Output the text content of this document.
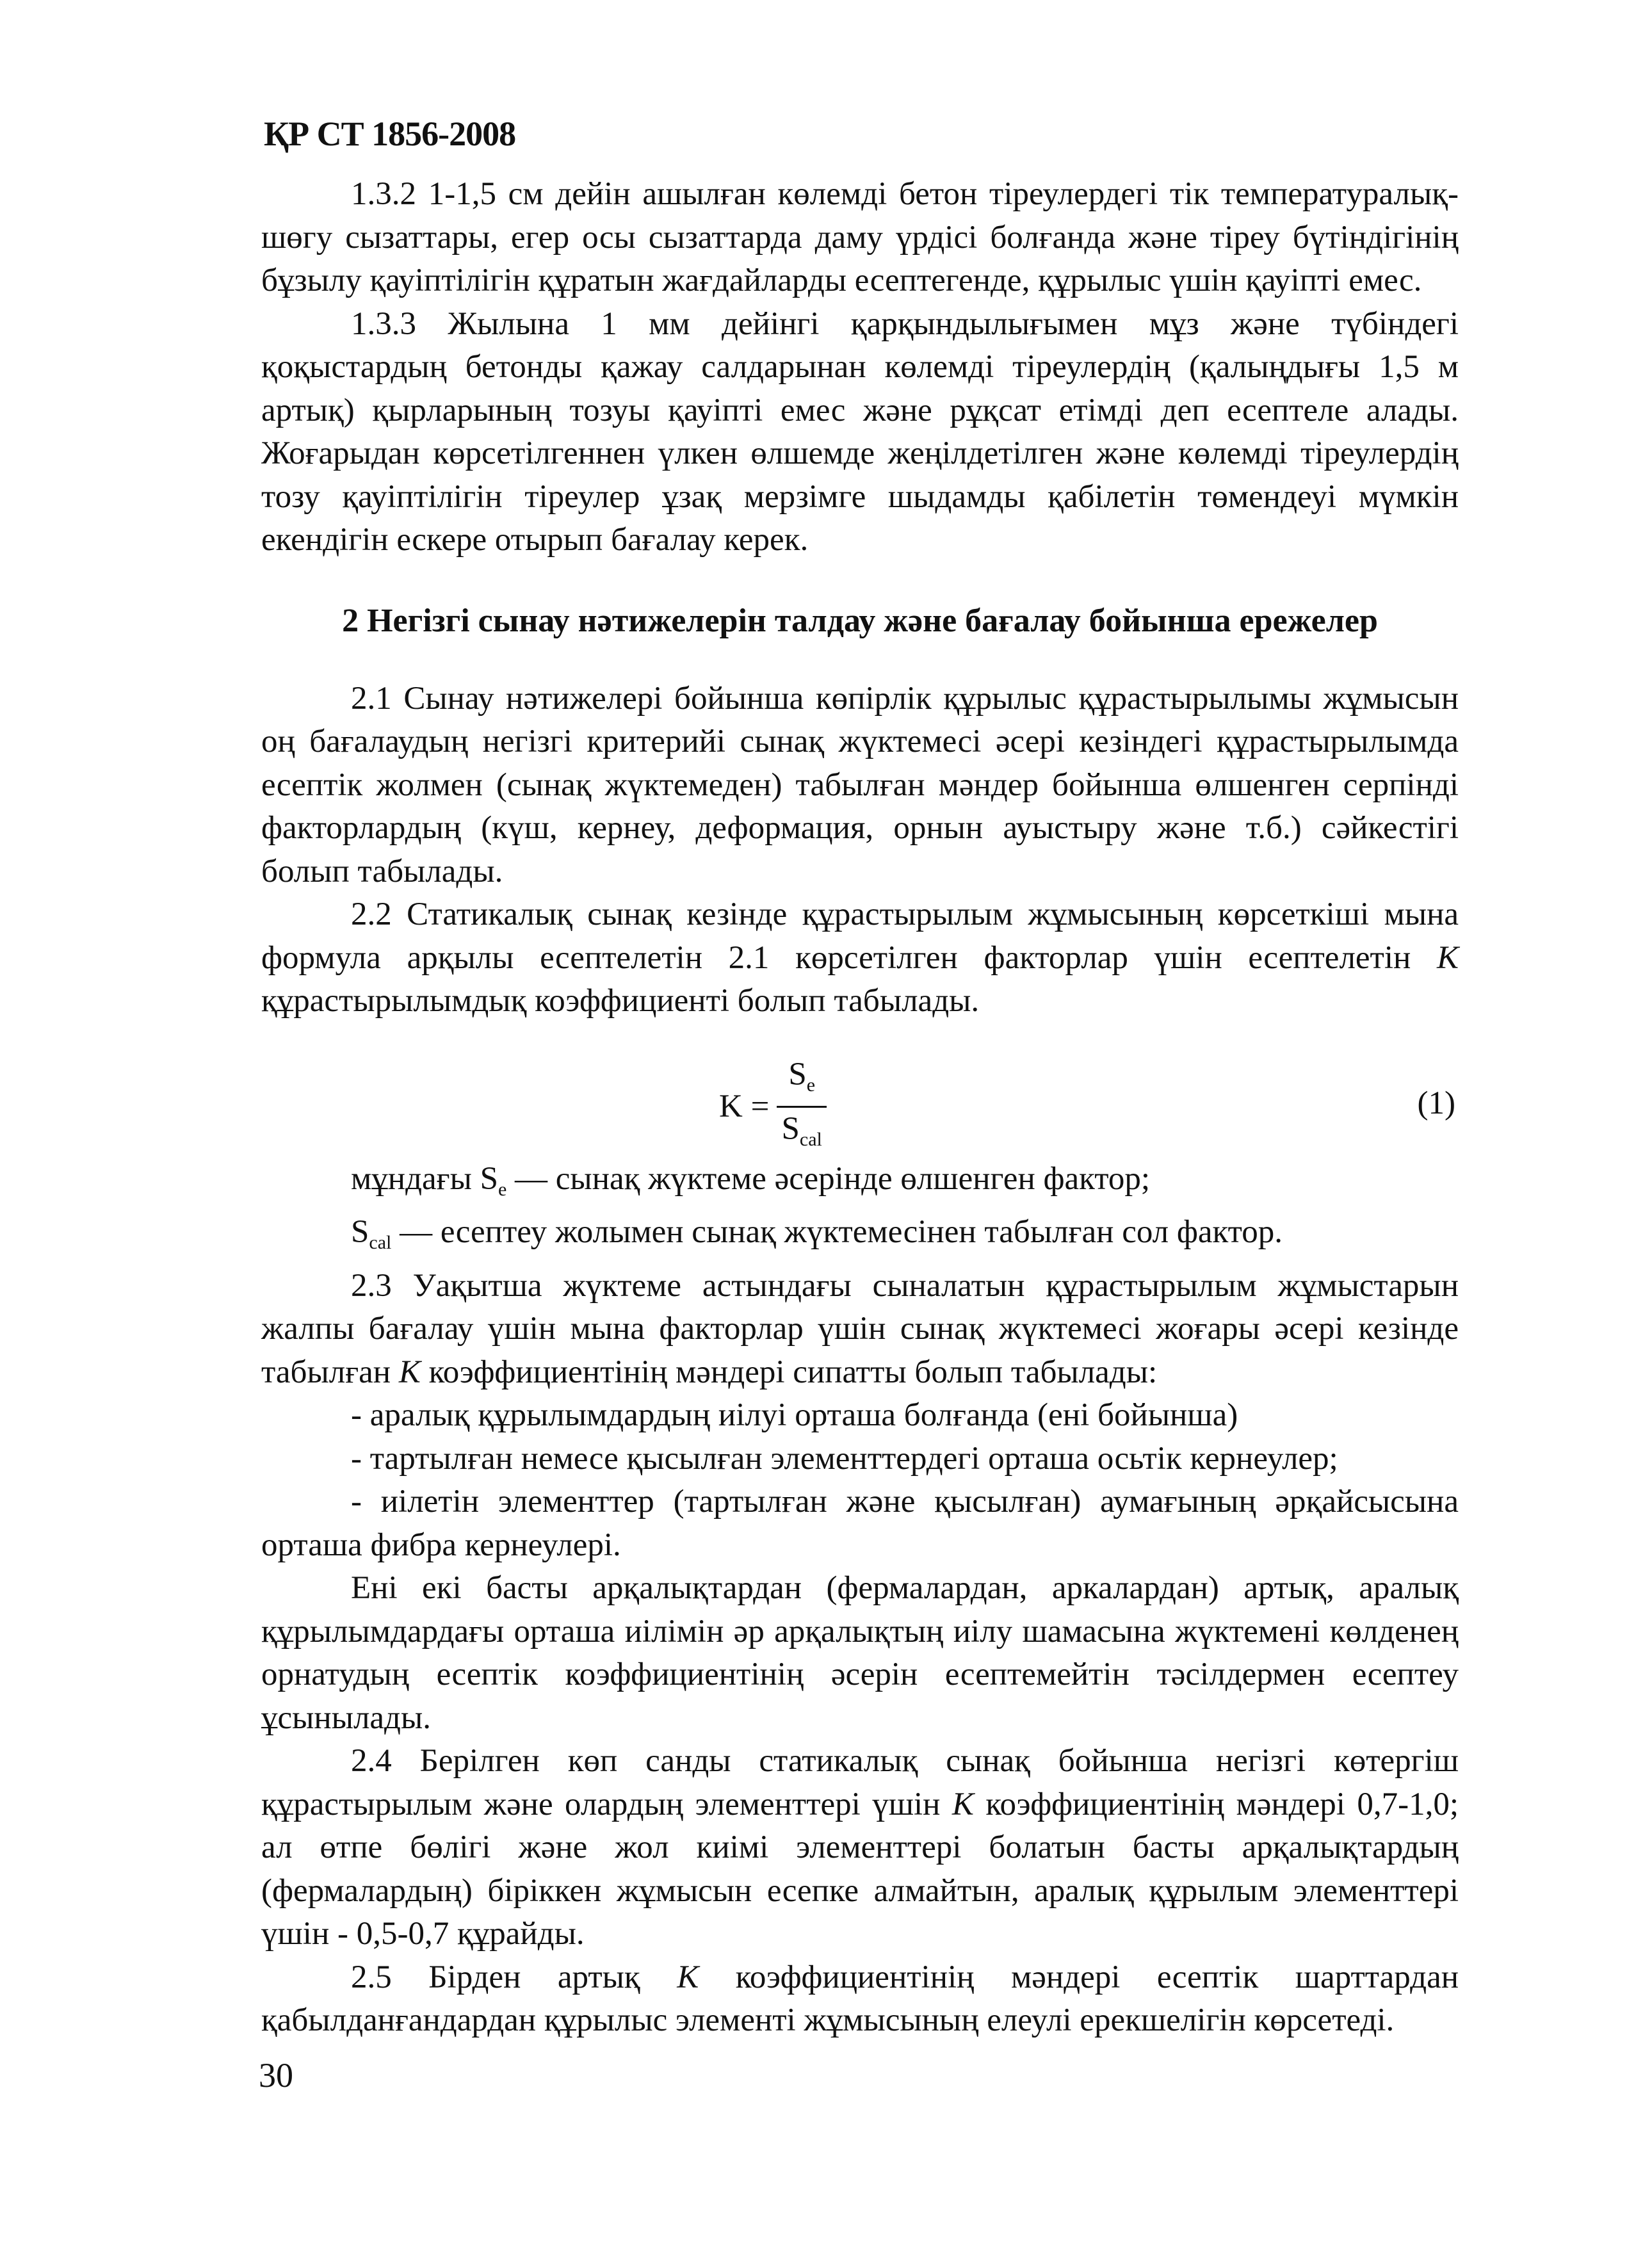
ҚР СТ 1856-2008

1.3.2 1-1,5 см дейін ашылған көлемді бетон тіреулердегі тік температуралық-шөгу сызаттары, егер осы сызаттарда даму үрдісі болғанда және тіреу бүтіндігінің бұзылу қауіптілігін құратын жағдайларды есептегенде, құрылыс үшін қауіпті емес.

1.3.3 Жылына 1 мм дейінгі қарқындылығымен мұз және түбіндегі қоқыстардың бетонды қажау салдарынан көлемді тіреулердің (қалыңдығы 1,5 м артық) қырларының тозуы қауіпті емес және рұқсат етімді деп есептеле алады. Жоғарыдан көрсетілгеннен үлкен өлшемде жеңілдетілген және көлемді тіреулердің тозу қауіптілігін тіреулер ұзақ мерзімге шыдамды қабілетін төмендеуі мүмкін екендігін ескере отырып бағалау керек.

2 Негізгі сынау нәтижелерін талдау және бағалау бойынша ережелер

2.1 Сынау нәтижелері бойынша көпірлік құрылыс құрастырылымы жұмысын оң бағалаудың негізгі критерийі сынақ жүктемесі әсері кезіндегі құрастырылымда есептік жолмен (сынақ жүктемеден) табылған мәндер бойынша өлшенген серпінді факторлардың (күш, кернеу, деформация, орнын ауыстыру және т.б.) сәйкестігі болып табылады.

2.2 Статикалық сынақ кезінде құрастырылым жұмысының көрсеткіші мына формула арқылы есептелетін 2.1 көрсетілген факторлар үшін есептелетін K құрастырылымдық коэффициенті болып табылады.

$K = \frac{S_e}{S_{cal}}$	(1)

мұндағы $S_e$ — сынақ жүктеме әсерінде өлшенген фактор;

$S_{cal}$ — есептеу жолымен сынақ жүктемесінен табылған сол фактор.

2.3 Уақытша жүктеме астындағы сыналатын құрастырылым жұмыстарын жалпы бағалау үшін мына факторлар үшін сынақ жүктемесі жоғары әсері кезінде табылған K коэффициентінің мәндері сипатты болып табылады:

- аралық құрылымдардың иілуі орташа болғанда (ені бойынша)

- тартылған немесе қысылған элементтердегі орташа осьтік кернеулер;

- иілетін элементтер (тартылған және қысылған) аумағының әрқайсысына орташа фибра кернеулері.

Ені екі басты арқалықтардан (фермалардан, аркалардан) артық, аралық құрылымдардағы орташа иілімін әр арқалықтың иілу шамасына жүктемені көлденең орнатудың есептік коэффициентінің әсерін есептемейтін тәсілдермен есептеу ұсынылады.

2.4 Берілген көп санды статикалық сынақ бойынша негізгі көтергіш құрастырылым және олардың элементтері үшін K коэффициентінің мәндері 0,7-1,0; ал өтпе бөлігі және жол киімі элементтері болатын басты арқалықтардың (фермалардың) біріккен жұмысын есепке алмайтын, аралық құрылым элементтері үшін - 0,5-0,7 құрайды.

2.5 Бірден артық K коэффициентінің мәндері есептік шарттардан қабылданғандардан құрылыс элементі жұмысының елеулі ерекшелігін көрсетеді.

30
